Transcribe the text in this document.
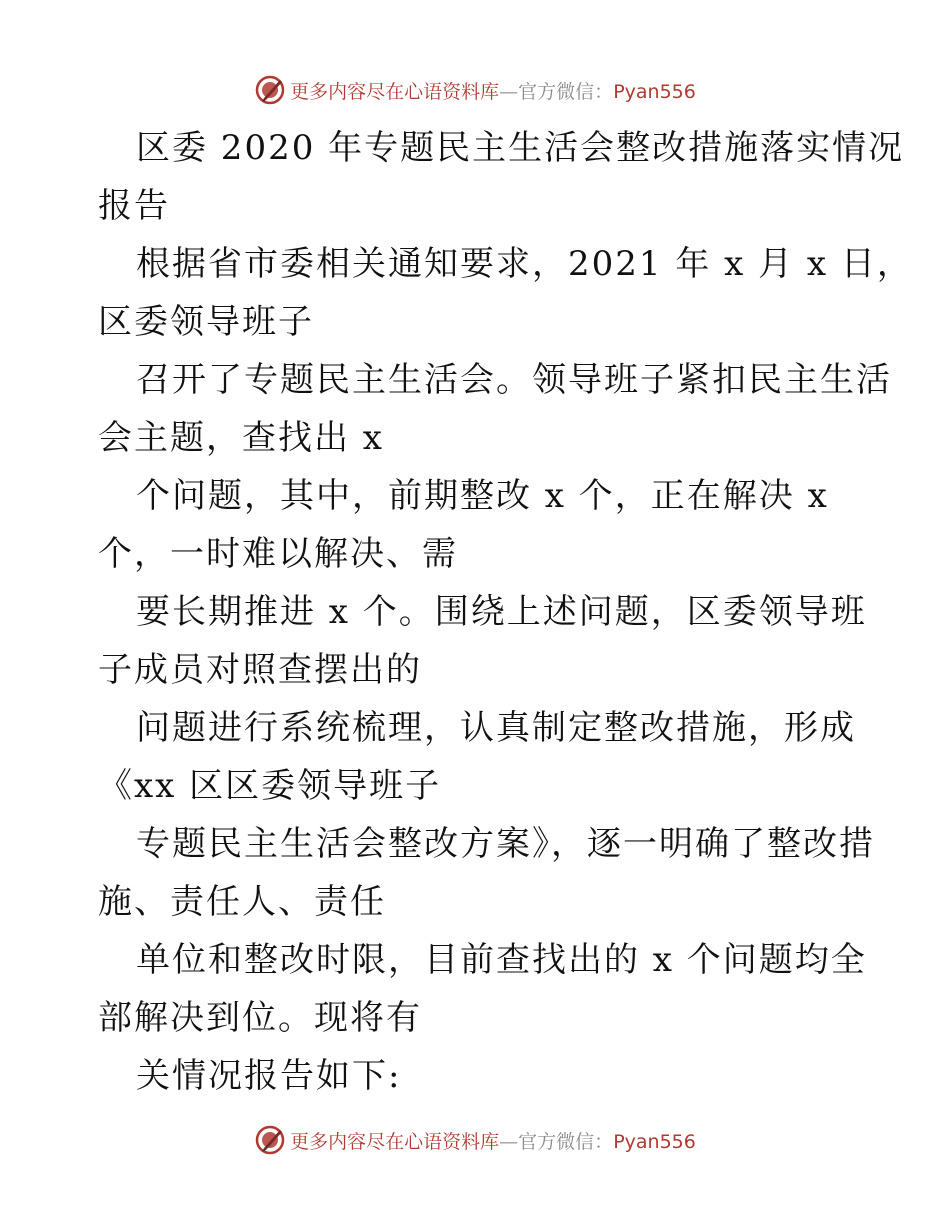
更多内容尽在心语资料库—官方微信：Pyan556

区委 2020 年专题民主生活会整改措施落实情况

报告

根据省市委相关通知要求，2021 年 x 月 x 日，

区委领导班子

召开了专题民主生活会。领导班子紧扣民主生活

会主题，查找出 x

个问题，其中，前期整改 x 个，正在解决 x

个，一时难以解决、需

要长期推进 x 个。围绕上述问题，区委领导班

子成员对照查摆出的

问题进行系统梳理，认真制定整改措施，形成

《xx 区区委领导班子

专题民主生活会整改方案》，逐一明确了整改措

施、责任人、责任

单位和整改时限，目前查找出的 x 个问题均全

部解决到位。现将有

关情况报告如下:

更多内容尽在心语资料库—官方微信：Pyan556
